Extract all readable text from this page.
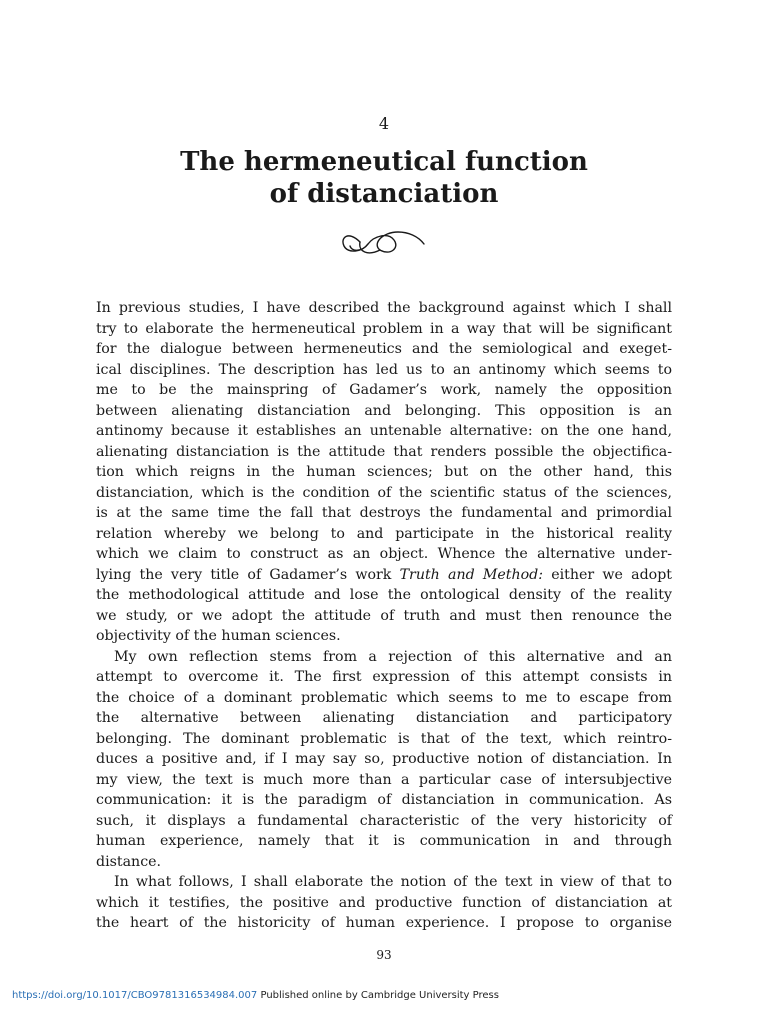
4
The hermeneutical function
of distanciation
In previous studies, I have described the background against which I shall
try to elaborate the hermeneutical problem in a way that will be significant
for the dialogue between hermeneutics and the semiological and exeget-
ical disciplines. The description has led us to an antinomy which seems to
me to be the mainspring of Gadamer’s work, namely the opposition
between alienating distanciation and belonging. This opposition is an
antinomy because it establishes an untenable alternative: on the one hand,
alienating distanciation is the attitude that renders possible the objectifica-
tion which reigns in the human sciences; but on the other hand, this
distanciation, which is the condition of the scientific status of the sciences,
is at the same time the fall that destroys the fundamental and primordial
relation whereby we belong to and participate in the historical reality
which we claim to construct as an object. Whence the alternative under-
lying the very title of Gadamer’s work Truth and Method: either we adopt
the methodological attitude and lose the ontological density of the reality
we study, or we adopt the attitude of truth and must then renounce the
objectivity of the human sciences.
My own reflection stems from a rejection of this alternative and an
attempt to overcome it. The first expression of this attempt consists in
the choice of a dominant problematic which seems to me to escape from
the alternative between alienating distanciation and participatory
belonging. The dominant problematic is that of the text, which reintro-
duces a positive and, if I may say so, productive notion of distanciation. In
my view, the text is much more than a particular case of intersubjective
communication: it is the paradigm of distanciation in communication. As
such, it displays a fundamental characteristic of the very historicity of
human experience, namely that it is communication in and through
distance.
In what follows, I shall elaborate the notion of the text in view of that to
which it testifies, the positive and productive function of distanciation at
the heart of the historicity of human experience. I propose to organise
93
https://doi.org/10.1017/CBO9781316534984.007 Published online by Cambridge University Press
